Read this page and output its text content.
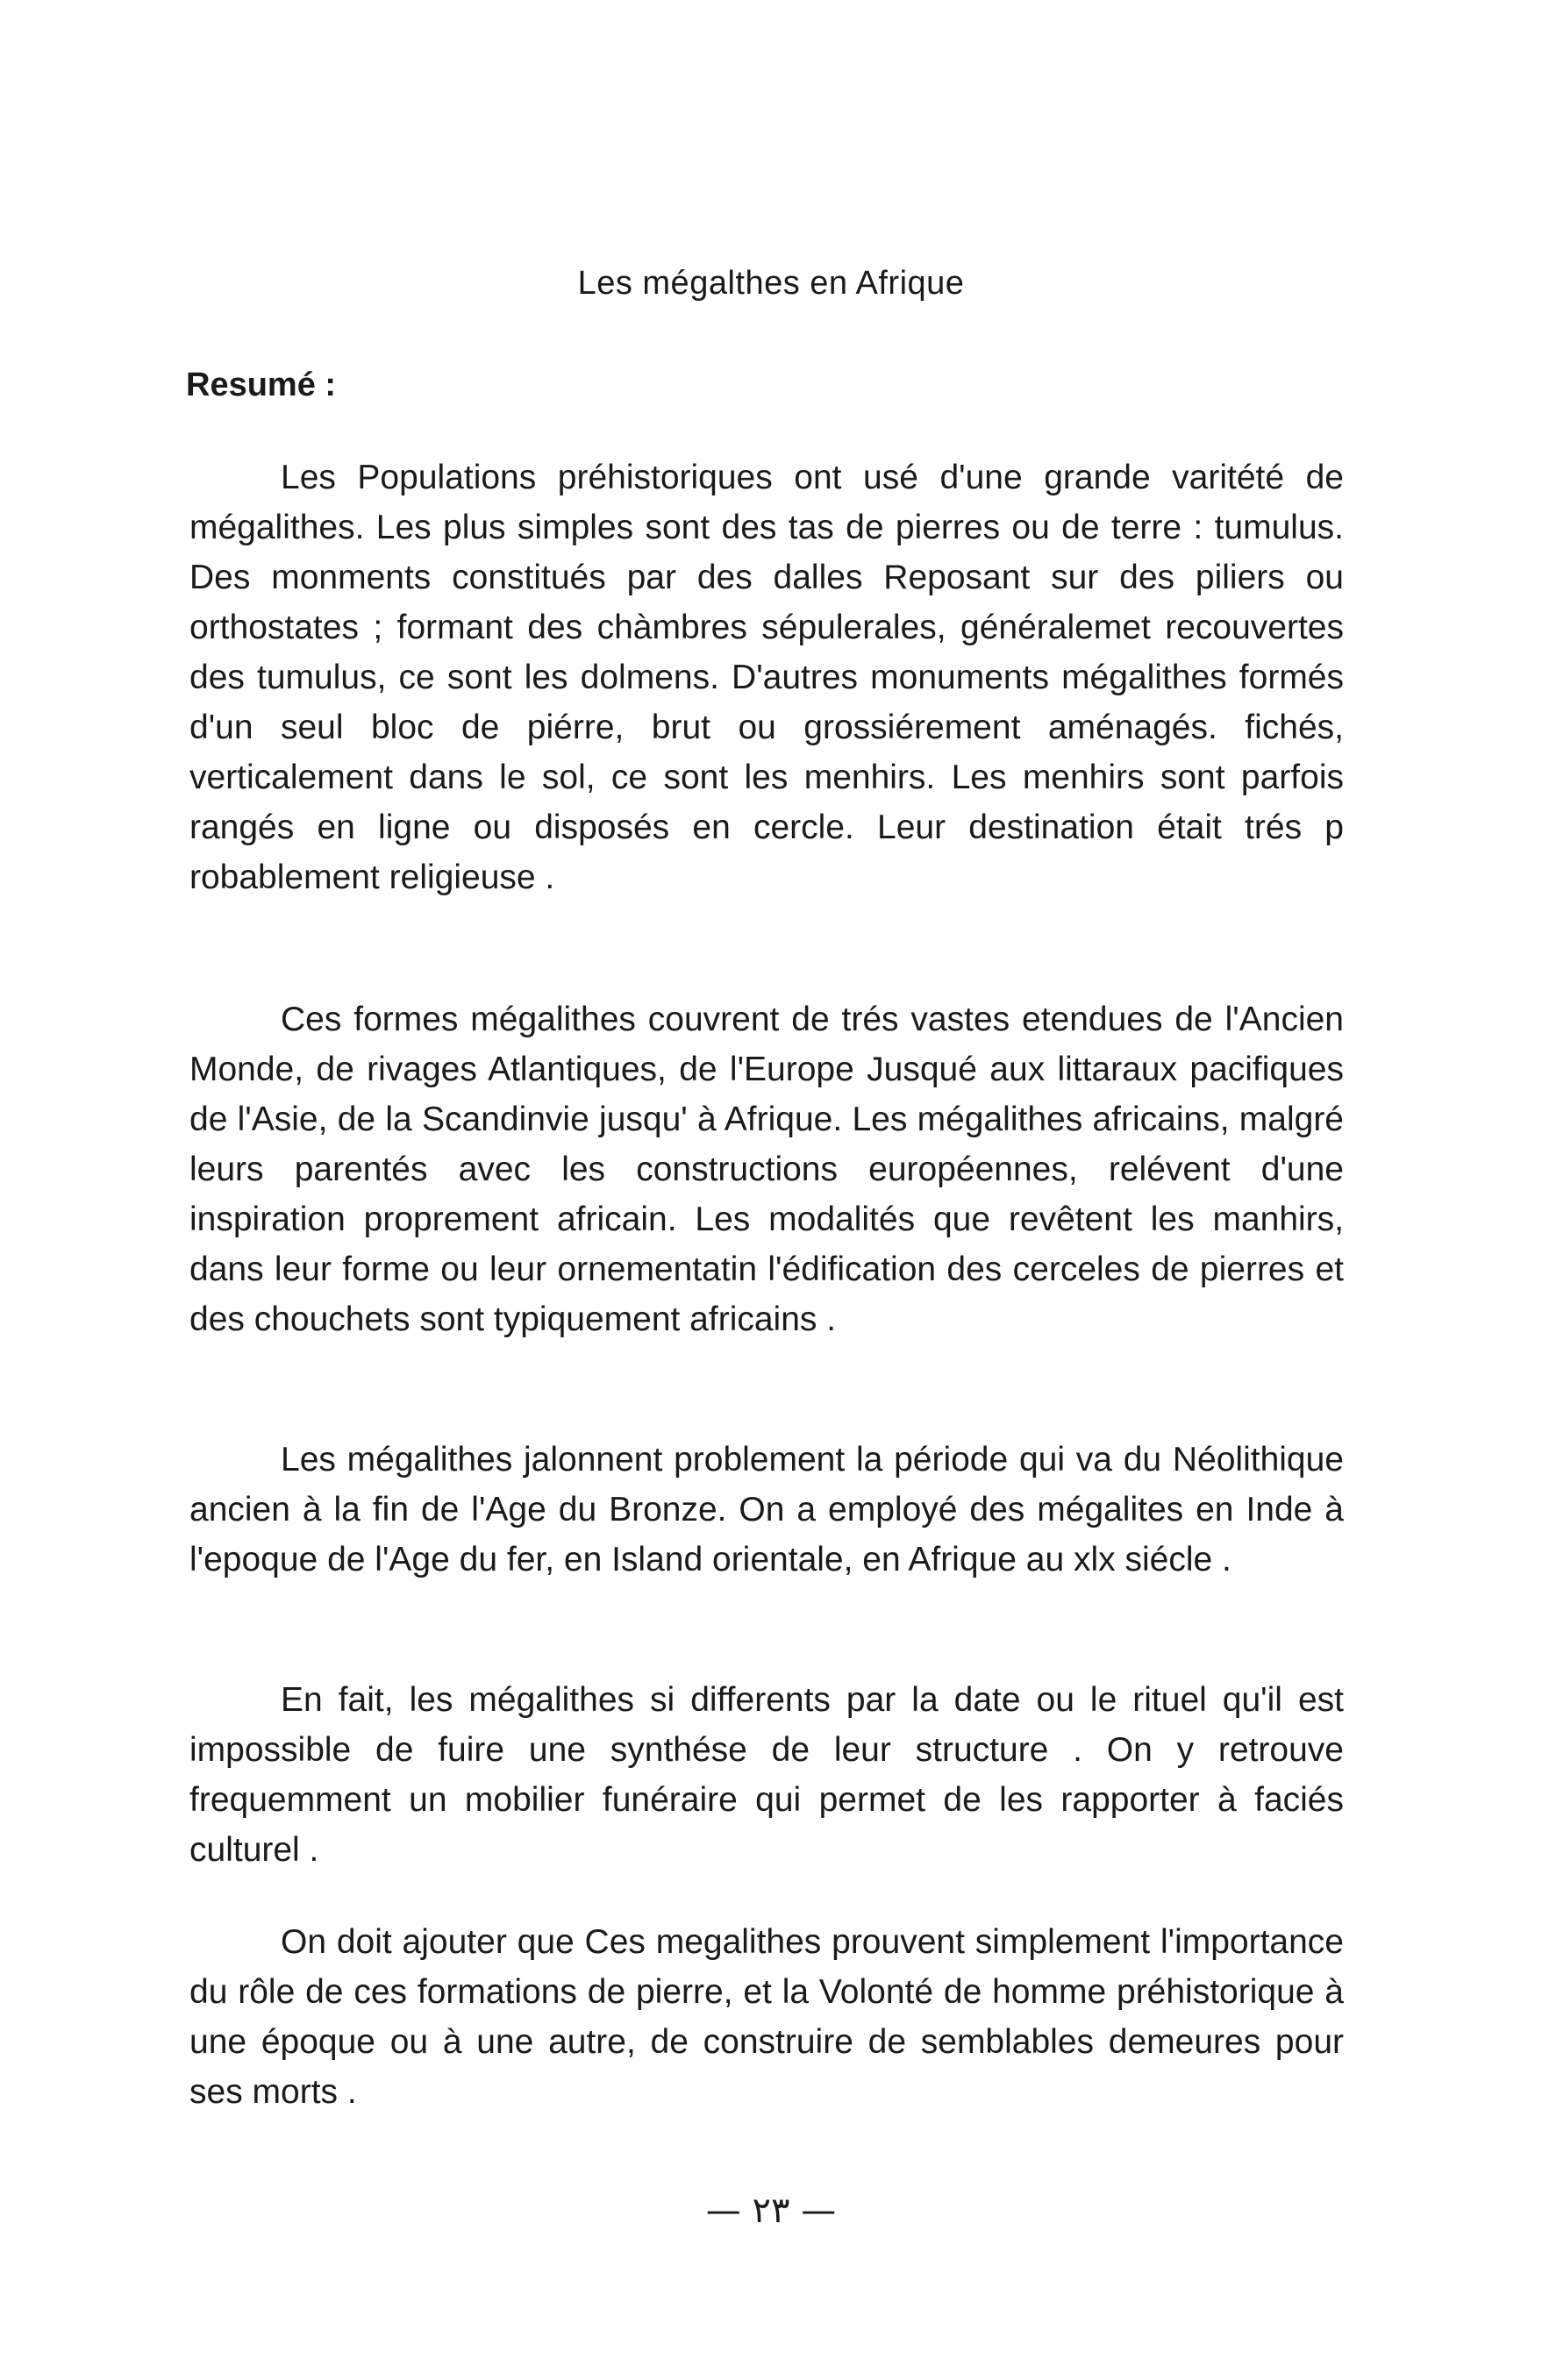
Les mégalthes en Afrique
Resumé :

Les Populations préhistoriques ont usé d'une grande varitété de mégalithes. Les plus simples sont des tas de pierres ou de terre : tumulus. Des monments constitués par des dalles Reposant sur des piliers ou orthostates ; formant des chàmbres sépulerales, généralemet recouvertes des tumulus, ce sont les dolmens. D'autres monuments mégalithes formés d'un seul bloc de piérre, brut ou grossiérement aménagés. fichés, verticalement dans le sol, ce sont les menhirs. Les menhirs sont parfois rangés en ligne ou disposés en cercle. Leur destination était trés p robablement religieuse .

Ces formes mégalithes couvrent de trés vastes etendues de l'Ancien Monde, de rivages Atlantiques, de l'Europe Jusqué aux littaraux pacifiques de l'Asie, de la Scandinvie jusqu' à Afrique. Les mégalithes africains, malgré leurs parentés avec les constructions européennes, relévent d'une inspiration proprement africain. Les modalités que revêtent les manhirs, dans leur forme ou leur ornementatin l'édification des cerceles de pierres et des chouchets sont typiquement africains .

Les mégalithes jalonnent problement la période qui va du Néolithique ancien à la fin de l'Age du Bronze. On a employé des mégalites en Inde à l'epoque de l'Age du fer, en Island orientale, en Afrique au xlx siécle .

En fait, les mégalithes si differents par la date ou le rituel qu'il est impossible de fuire une synthése de leur structure . On y retrouve frequemment un mobilier funéraire qui permet de les rapporter à faciés culturel .

On doit ajouter que Ces megalithes prouvent simplement l'importance du rôle de ces formations de pierre, et la Volonté de homme préhistorique à une époque ou à une autre, de construire de semblables demeures pour ses morts .

— ٢٣ —
